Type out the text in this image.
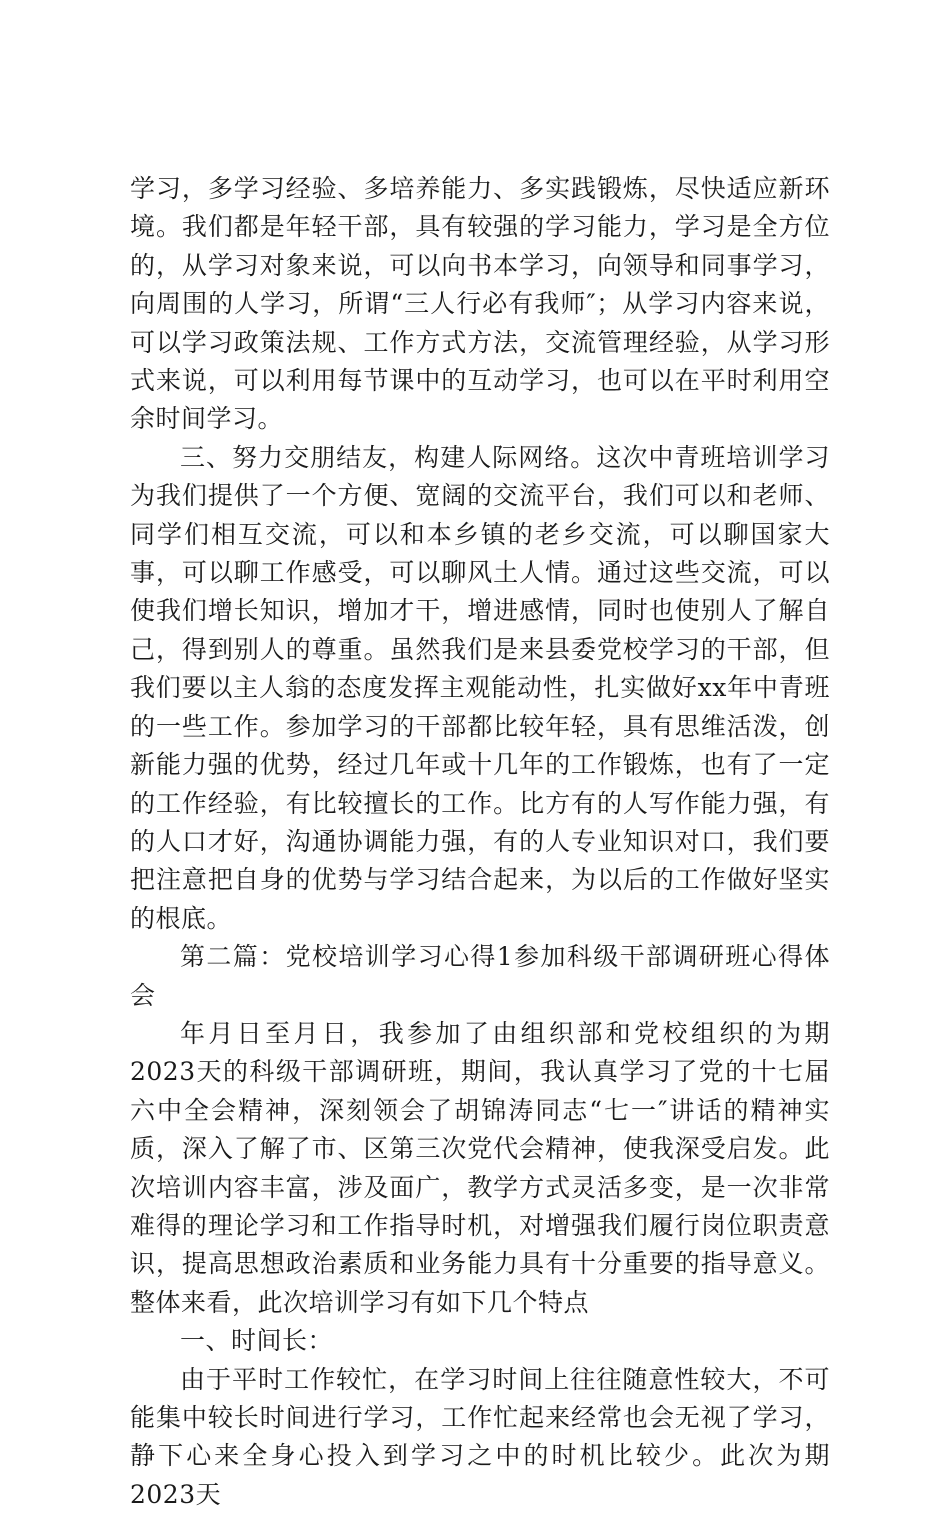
学习，多学习经验、多培养能力、多实践锻炼，尽快适应新环境。我们都是年轻干部，具有较强的学习能力，学习是全方位的，从学习对象来说，可以向书本学习，向领导和同事学习，向周围的人学习，所谓“三人行必有我师″；从学习内容来说，可以学习政策法规、工作方式方法，交流管理经验，从学习形式来说，可以利用每节课中的互动学习，也可以在平时利用空余时间学习。

三、努力交朋结友，构建人际网络。这次中青班培训学习为我们提供了一个方便、宽阔的交流平台，我们可以和老师、同学们相互交流，可以和本乡镇的老乡交流，可以聊国家大事，可以聊工作感受，可以聊风土人情。通过这些交流，可以使我们增长知识，增加才干，增进感情，同时也使别人了解自己，得到别人的尊重。虽然我们是来县委党校学习的干部，但我们要以主人翁的态度发挥主观能动性，扎实做好xx年中青班的一些工作。参加学习的干部都比较年轻，具有思维活泼，创新能力强的优势，经过几年或十几年的工作锻炼，也有了一定的工作经验，有比较擅长的工作。比方有的人写作能力强，有的人口才好，沟通协调能力强，有的人专业知识对口，我们要把注意把自身的优势与学习结合起来，为以后的工作做好坚实的根底。

第二篇：党校培训学习心得1参加科级干部调研班心得体会

年月日至月日，我参加了由组织部和党校组织的为期2023天的科级干部调研班，期间，我认真学习了党的十七届六中全会精神，深刻领会了胡锦涛同志“七一″讲话的精神实质，深入了解了市、区第三次党代会精神，使我深受启发。此次培训内容丰富，涉及面广，教学方式灵活多变，是一次非常难得的理论学习和工作指导时机，对增强我们履行岗位职责意识，提高思想政治素质和业务能力具有十分重要的指导意义。整体来看，此次培训学习有如下几个特点

一、时间长：

由于平时工作较忙，在学习时间上往往随意性较大，不可能集中较长时间进行学习，工作忙起来经常也会无视了学习，静下心来全身心投入到学习之中的时机比较少。此次为期2023天
